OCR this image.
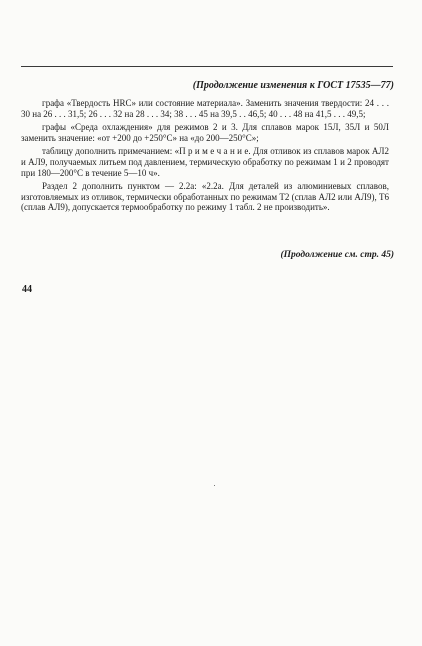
(Продолжение изменения к ГОСТ 17535—77)

графа «Твердость HRC» или состояние материала». Заменить значения твердости: 24 . . . 30 на 26 . . . 31,5; 26 . . . 32 на 28 . . . 34; 38 . . . 45 на 39,5 . . 46,5; 40 . . . 48 на 41,5 . . . 49,5;

графы «Среда охлаждения» для режимов 2 и 3. Для сплавов марок 15Л, 35Л и 50Л заменить значение: «от +200 до +250°С» на «до 200—250°С»;

таблицу дополнить примечанием: «П р и м е ч а н и е. Для отливок из сплавов марок АЛ2 и АЛ9, получаемых литьем под давлением, термическую обработку по режимам 1 и 2 проводят при 180—200°С в течение 5—10 ч».

Раздел 2 дополнить пунктом — 2.2а: «2.2а. Для деталей из алюминиевых сплавов, изготовляемых из отливок, термически обработанных по режимам Т2 (сплав АЛ2 или АЛ9), Т6 (сплав АЛ9), допускается термообработку по режиму 1 табл. 2 не производить».

(Продолжение см. стр. 45)
44
